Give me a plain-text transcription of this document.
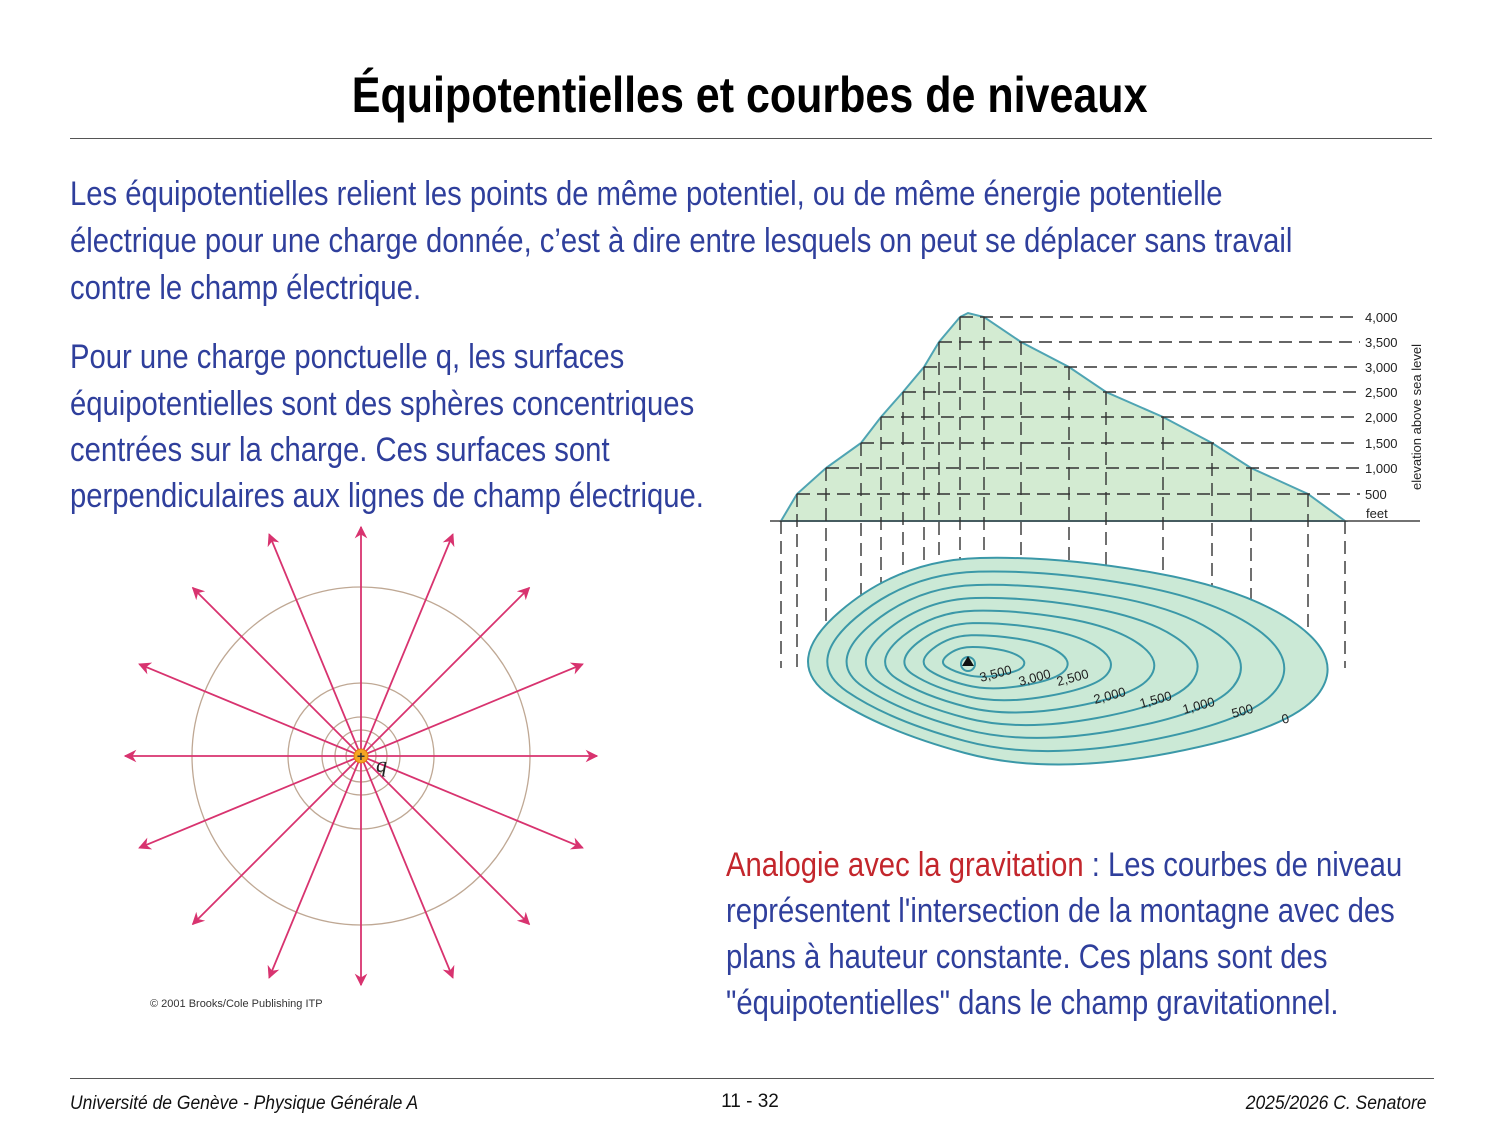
Équipotentielles et courbes de niveaux
Les équipotentielles relient les points de même potentiel, ou de même énergie potentielle
électrique pour une charge donnée, c’est à dire entre lesquels on peut se déplacer sans travail
contre le champ électrique.
Pour une charge ponctuelle q, les surfaces
équipotentielles sont des sphères concentriques
centrées sur la charge. Ces surfaces sont
perpendiculaires aux lignes de champ électrique.
Analogie avec la gravitation : Les courbes de niveau
représentent l'intersection de la montagne avec des
plans à hauteur constante. Ces plans sont des
"équipotentielles" dans le champ gravitationnel.
+ q
© 2001 Brooks/Cole Publishing ITP
4,000
3,500
3,000
2,500
2,000
1,500
1,000
500
feet
elevation above sea level
3,500 3,000 2,500
2,000 1,500 1,000 500 0
Université de Genève - Physique Générale A	11 - 32	2025/2026 C. Senatore
